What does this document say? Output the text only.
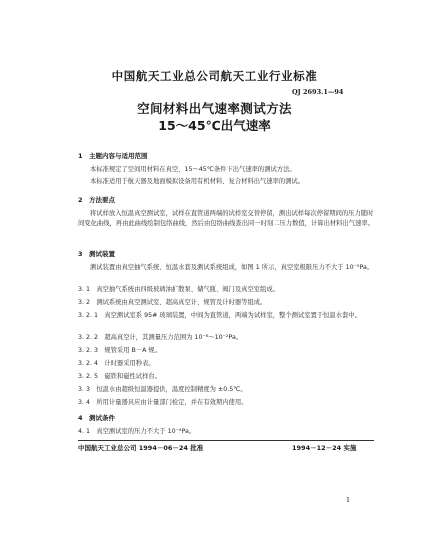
中国航天工业总公司航天工业行业标准
QJ 2693.1—94
空间材料出气速率测试方法
15～45℃出气速率
1　主题内容与适用范围
本标准规定了空间用材料在真空、15～45℃条件下出气速率的测试方法。
本标准适用于航天器及地面模拟设备用有机材料、复合材料出气速率的测试。
2　方法要点
将试样放入恒温真空测试室，试样在直管道两端的试样室交替停留，测出试样每次停留期间的压力随时间变化曲线，再由此曲线绘制包络曲线，然后由包络曲线查出同一时刻二压力数值，计算出材料出气速率。
3　测试装置
测试装置由真空抽气系统、恒温水套及测试系统组成，如图 1 所示，真空室极限压力不大于 10⁻⁵Pa。
3. 1　真空抽气系统由四级玻璃油扩散泵、储气瓶、阀门及真空室组成。
3. 2　测试系统由真空测试室、超高真空计、规管及计时器等组成。
3. 2. 1　真空测试室系 95# 玻璃装置，中间为直管道，两端为试样室，整个测试室置于恒温水套中。
3. 2. 2　超高真空计，其测量压力范围为 10⁻⁸～10⁻²Pa。
3. 2. 3　规管采用 B－A 规。
3. 2. 4　计时器采用秒表。
3. 2. 5　磁铁和磁性试样台。
3. 3　恒温水由超级恒温器提供，温度控制精度为 ±0.5℃。
3. 4　所用计量器具应由计量部门检定，并在有效期内使用。
4　测试条件
4. 1　真空测试室的压力不大于 10⁻⁴Pa。
中国航天工业总公司 1994－06－24 批准	1994－12－24 实施
1
